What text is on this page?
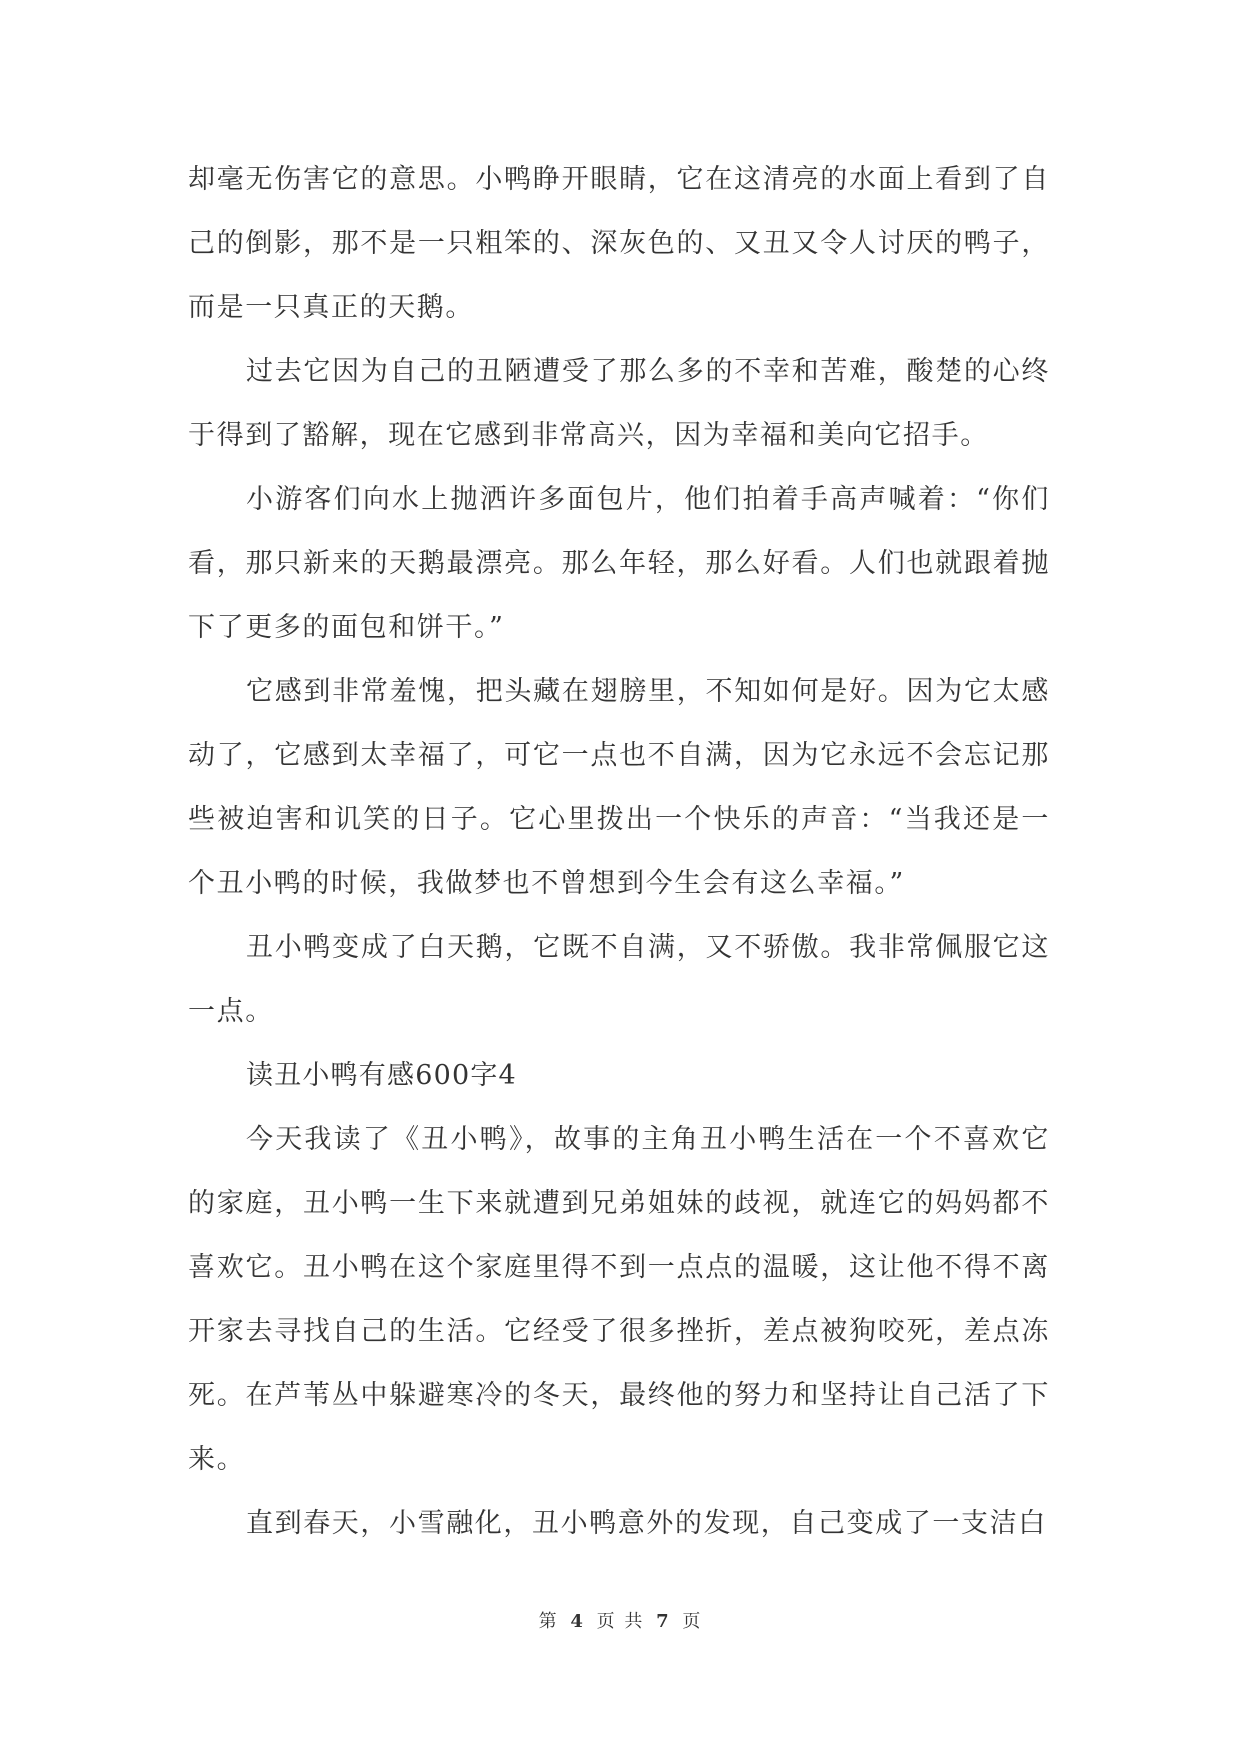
却毫无伤害它的意思。小鸭睁开眼睛，它在这清亮的水面上看到了自己的倒影，那不是一只粗笨的、深灰色的、又丑又令人讨厌的鸭子，而是一只真正的天鹅。

过去它因为自己的丑陋遭受了那么多的不幸和苦难，酸楚的心终于得到了豁解，现在它感到非常高兴，因为幸福和美向它招手。

小游客们向水上抛洒许多面包片，他们拍着手高声喊着：“你们看，那只新来的天鹅最漂亮。那么年轻，那么好看。人们也就跟着抛下了更多的面包和饼干。”

它感到非常羞愧，把头藏在翅膀里，不知如何是好。因为它太感动了，它感到太幸福了，可它一点也不自满，因为它永远不会忘记那些被迫害和讥笑的日子。它心里拨出一个快乐的声音：“当我还是一个丑小鸭的时候，我做梦也不曾想到今生会有这么幸福。”

丑小鸭变成了白天鹅，它既不自满，又不骄傲。我非常佩服它这一点。

读丑小鸭有感600字4

今天我读了《丑小鸭》，故事的主角丑小鸭生活在一个不喜欢它的家庭，丑小鸭一生下来就遭到兄弟姐妹的歧视，就连它的妈妈都不喜欢它。丑小鸭在这个家庭里得不到一点点的温暖，这让他不得不离开家去寻找自己的生活。它经受了很多挫折，差点被狗咬死，差点冻死。在芦苇丛中躲避寒冷的冬天，最终他的努力和坚持让自己活了下来。

直到春天，小雪融化，丑小鸭意外的发现，自己变成了一支洁白

第 4 页 共 7 页
